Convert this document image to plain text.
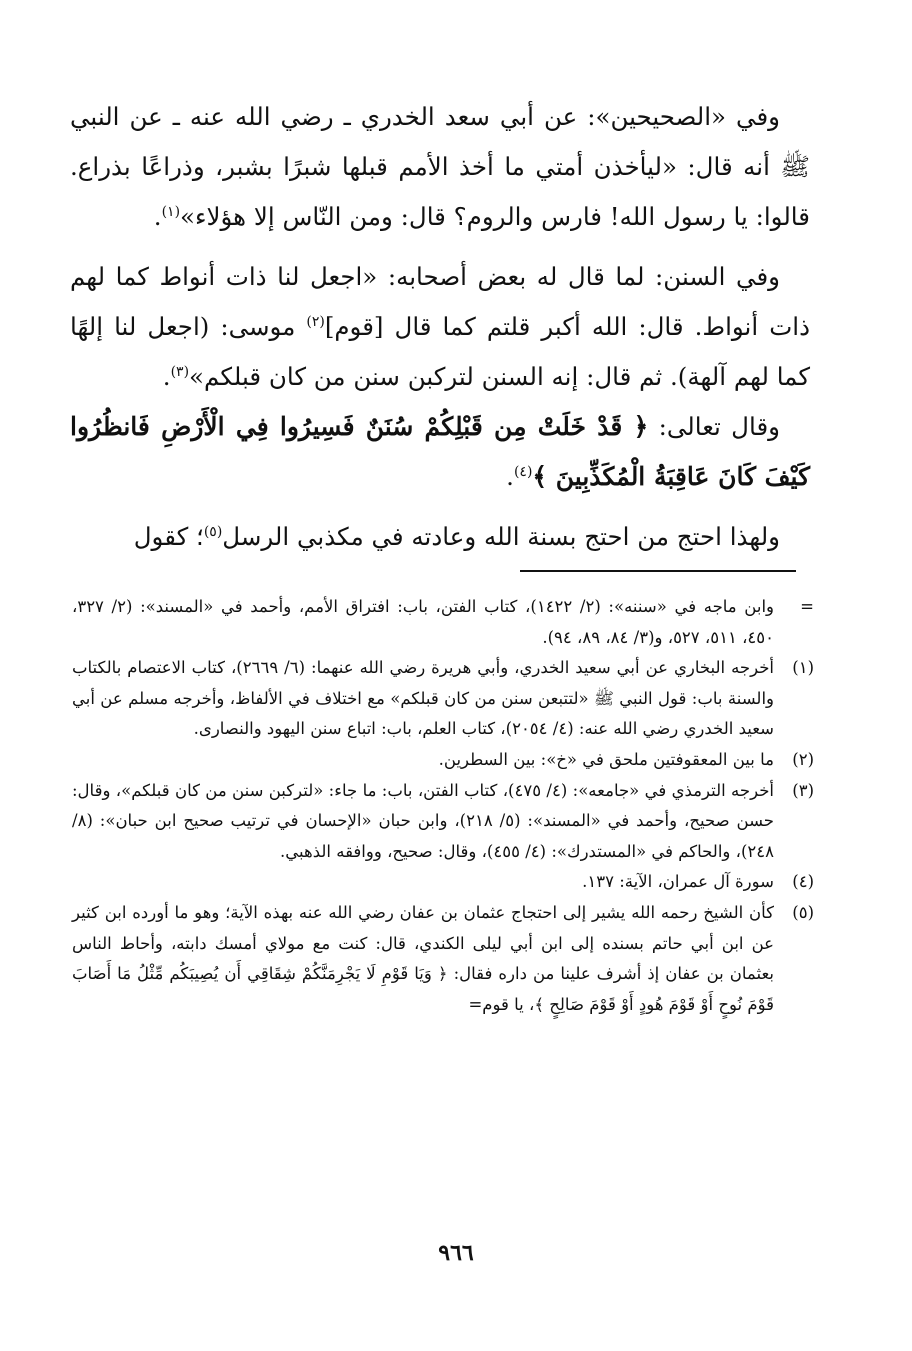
وفي «الصحيحين»: عن أبي سعد الخدري ـ رضي الله عنه ـ عن النبي ﷺ أنه قال: «ليأخذن أمتي ما أخذ الأمم قبلها شبرًا بشبر، وذراعًا بذراع. قالوا: يا رسول الله! فارس والروم؟ قال: ومن النّاس إلا هؤلاء»$^{(١)}$.

وفي السنن: لما قال له بعض أصحابه: «اجعل لنا ذات أنواط كما لهم ذات أنواط. قال: الله أكبر قلتم كما قال [قوم]$^{(٢)}$ موسى: (اجعل لنا إلهًا كما لهم آلهة). ثم قال: إنه السنن لتركبن سنن من كان قبلكم»$^{(٣)}$.

وقال تعالى: ﴿ قَدْ خَلَتْ مِن قَبْلِكُمْ سُنَنٌ فَسِيرُوا فِي الْأَرْضِ فَانظُرُوا كَيْفَ كَانَ عَاقِبَةُ الْمُكَذِّبِينَ ﴾$^{(٤)}$.

ولهذا احتج من احتج بسنة الله وعادته في مكذبي الرسل$^{(٥)}$؛ كقول

=
وابن ماجه في «سننه»: (٢/ ١٤٢٢)، كتاب الفتن، باب: افتراق الأمم، وأحمد في «المسند»: (٢/ ٣٢٧، ٤٥٠، ٥١١، ٥٢٧، و(٣/ ٨٤، ٨٩، ٩٤).
(١)
أخرجه البخاري عن أبي سعيد الخدري، وأبي هريرة رضي الله عنهما: (٦/ ٢٦٦٩)، كتاب الاعتصام بالكتاب والسنة باب: قول النبي ﷺ «لتتبعن سنن من كان قبلكم» مع اختلاف في الألفاظ، وأخرجه مسلم عن أبي سعيد الخدري رضي الله عنه: (٤/ ٢٠٥٤)، كتاب العلم، باب: اتباع سنن اليهود والنصارى.
(٢)
ما بين المعقوفتين ملحق في «خ»: بين السطرين.
(٣)
أخرجه الترمذي في «جامعه»: (٤/ ٤٧٥)، كتاب الفتن، باب: ما جاء: «لتركبن سنن من كان قبلكم»، وقال: حسن صحيح، وأحمد في «المسند»: (٥/ ٢١٨)، وابن حبان «الإحسان في ترتيب صحيح ابن حبان»: (٨/ ٢٤٨)، والحاكم في «المستدرك»: (٤/ ٤٥٥)، وقال: صحيح، ووافقه الذهبي.
(٤)
سورة آل عمران، الآية: ١٣٧.
(٥)
كأن الشيخ رحمه الله يشير إلى احتجاج عثمان بن عفان رضي الله عنه بهذه الآية؛ وهو ما أورده ابن كثير عن ابن أبي حاتم بسنده إلى ابن أبي ليلى الكندي، قال: كنت مع مولاي أمسك دابته، وأحاط الناس بعثمان بن عفان إذ أشرف علينا من داره فقال: ﴿ وَيَا قَوْمِ لَا يَجْرِمَنَّكُمْ شِقَاقِي أَن يُصِيبَكُم مِّثْلُ مَا أَصَابَ قَوْمَ نُوحٍ أَوْ قَوْمَ هُودٍ أَوْ قَوْمَ صَالِحٍ ﴾، يا قوم=
٩٦٦
